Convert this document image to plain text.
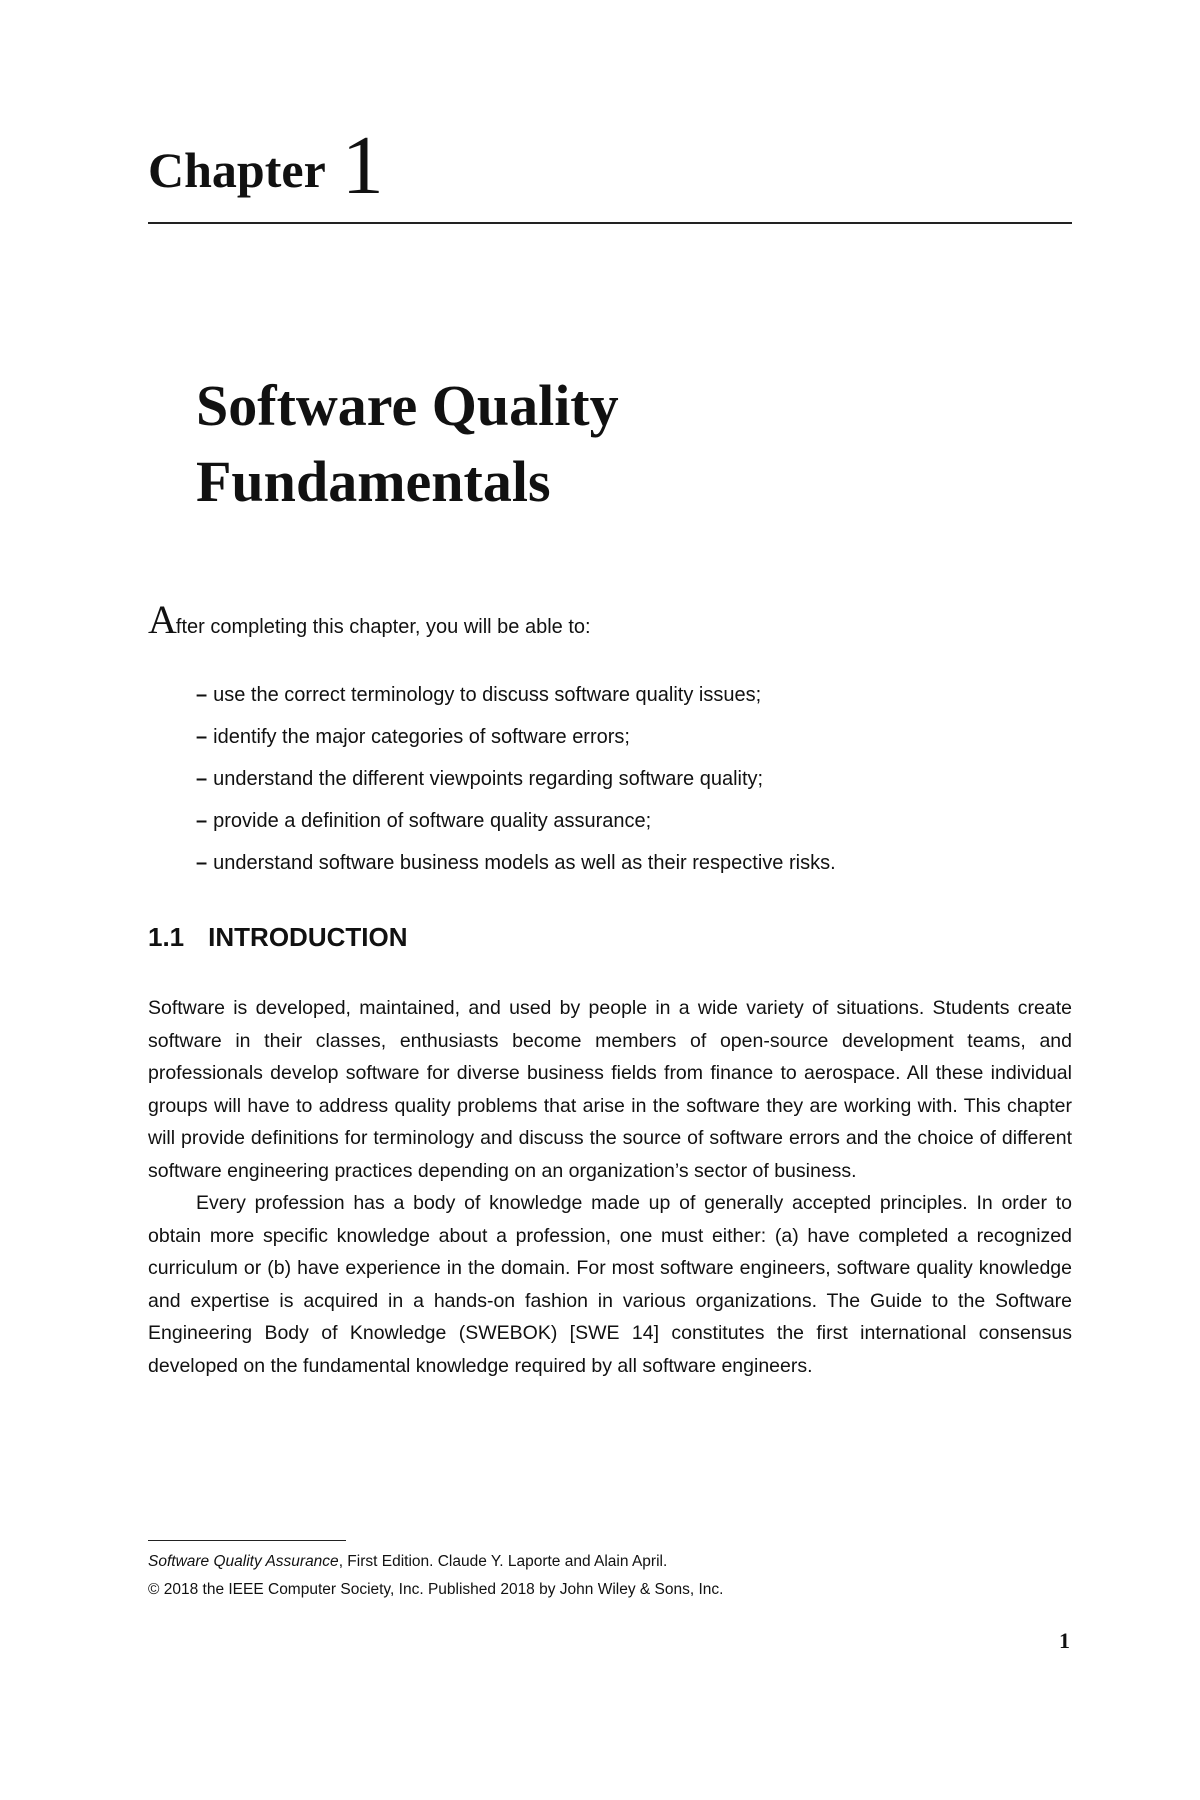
Chapter 1
Software Quality
Fundamentals
After completing this chapter, you will be able to:
– use the correct terminology to discuss software quality issues;
– identify the major categories of software errors;
– understand the different viewpoints regarding software quality;
– provide a definition of software quality assurance;
– understand software business models as well as their respective risks.
1.1 INTRODUCTION

Software is developed, maintained, and used by people in a wide variety of situations. Students create software in their classes, enthusiasts become members of open-source development teams, and professionals develop software for diverse business fields from finance to aerospace. All these individual groups will have to address quality problems that arise in the software they are working with. This chapter will provide definitions for terminology and discuss the source of software errors and the choice of different software engineering practices depending on an organization’s sector of business.

Every profession has a body of knowledge made up of generally accepted principles. In order to obtain more specific knowledge about a profession, one must either: (a) have completed a recognized curriculum or (b) have experience in the domain. For most software engineers, software quality knowledge and expertise is acquired in a hands-on fashion in various organizations. The Guide to the Software Engineering Body of Knowledge (SWEBOK) [SWE 14] constitutes the first international consensus developed on the fundamental knowledge required by all software engineers.

Software Quality Assurance, First Edition. Claude Y. Laporte and Alain April.
© 2018 the IEEE Computer Society, Inc. Published 2018 by John Wiley & Sons, Inc.
1
